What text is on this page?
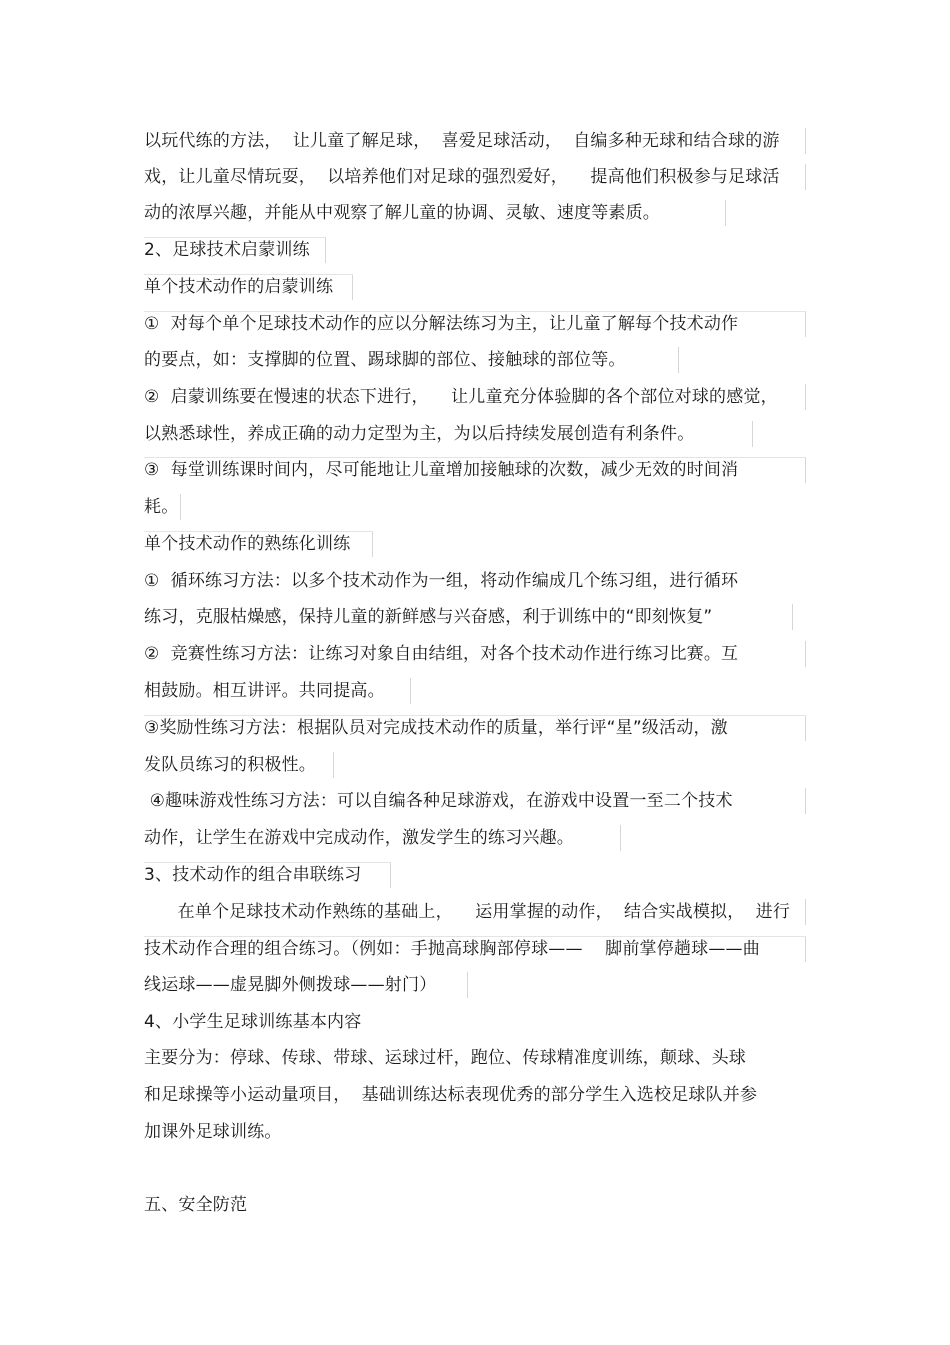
以玩代练的方法，  让儿童了解足球，  喜爱足球活动，  自编多种无球和结合球的游
戏，让儿童尽情玩耍，  以培养他们对足球的强烈爱好，    提高他们积极参与足球活
动的浓厚兴趣，并能从中观察了解儿童的协调、灵敏、速度等素质。
2、足球技术启蒙训练
单个技术动作的启蒙训练
①  对每个单个足球技术动作的应以分解法练习为主，让儿童了解每个技术动作
的要点，如：支撑脚的位置、踢球脚的部位、接触球的部位等。
②  启蒙训练要在慢速的状态下进行，    让儿童充分体验脚的各个部位对球的感觉，
以熟悉球性，养成正确的动力定型为主，为以后持续发展创造有利条件。
③  每堂训练课时间内，尽可能地让儿童增加接触球的次数，减少无效的时间消
耗。
单个技术动作的熟练化训练
①  循环练习方法：以多个技术动作为一组，将动作编成几个练习组，进行循环
练习，克服枯燥感，保持儿童的新鲜感与兴奋感，利于训练中的“即刻恢复”
②  竞赛性练习方法：让练习对象自由结组，对各个技术动作进行练习比赛。互
相鼓励。相互讲评。共同提高。
③奖励性练习方法：根据队员对完成技术动作的质量，举行评“星”级活动，激
发队员练习的积极性。
④趣味游戏性练习方法：可以自编各种足球游戏，在游戏中设置一至二个技术
动作，让学生在游戏中完成动作，激发学生的练习兴趣。
3、技术动作的组合串联练习
在单个足球技术动作熟练的基础上，    运用掌握的动作，  结合实战模拟，  进行
技术动作合理的组合练习。（例如：手抛高球胸部停球——    脚前掌停趟球——曲
线运球——虚晃脚外侧拨球——射门）
4、小学生足球训练基本内容
主要分为：停球、传球、带球、运球过杆，跑位、传球精准度训练，颠球、头球
和足球操等小运动量项目，  基础训练达标表现优秀的部分学生入选校足球队并参
加课外足球训练。
五、安全防范
